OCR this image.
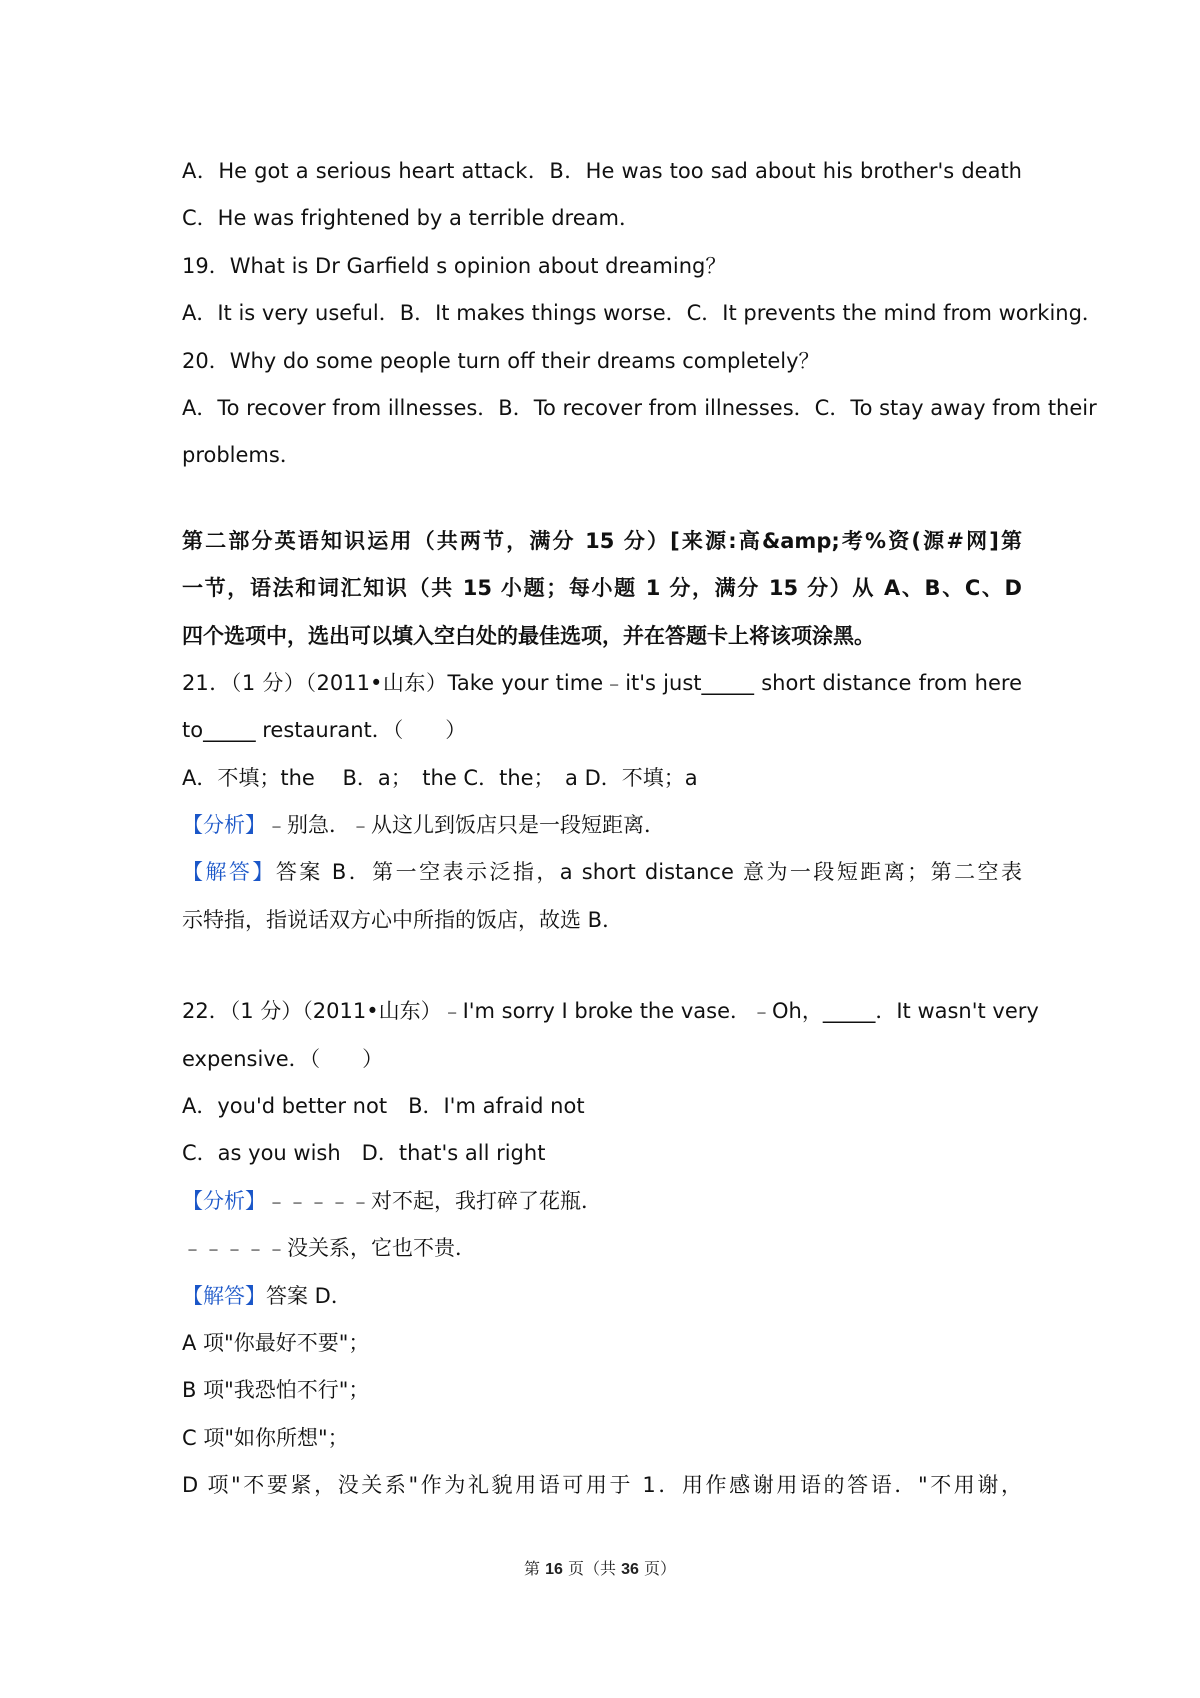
A．He got a serious heart attack．B．He was too sad about his brother's death
C．He was frightened by a terrible dream．
19．What is Dr Garfield s opinion about dreaming？
A．It is very useful．B．It makes things worse．C．It prevents the mind from working．
20．Why do some people turn off their dreams completely？
A．To recover from illnesses．B．To recover from illnesses．C．To stay away from their
problems．
第二部分英语知识运用（共两节，满分 15 分）[来源:高&amp;考%资(源#网]第
一节，语法和词汇知识（共 15 小题；每小题 1 分，满分 15 分）从 A、B、C、D
四个选项中，选出可以填入空白处的最佳选项，并在答题卡上将该项涂黑。
21．（1 分）（2011•山东）Take your time﹣it's just_____ short distance from here
to_____ restaurant．（　　）
A．不填；the　 B．a；　the C．the；　a D．不填；a
【分析】﹣别急．﹣从这儿到饭店只是一段短距离．
【解答】答案 B．第一空表示泛指，a short distance 意为一段短距离；第二空表
示特指，指说话双方心中所指的饭店，故选 B．
22．（1 分）（2011•山东）﹣I'm sorry I broke the vase．﹣Oh，_____．It wasn't very
expensive．（　　）
A．you'd better not　B．I'm afraid not
C．as you wish　D．that's all right
【分析】﹣﹣﹣﹣﹣对不起，我打碎了花瓶．
﹣﹣﹣﹣﹣没关系，它也不贵．
【解答】答案 D．
A 项"你最好不要"；
B 项"我恐怕不行"；
C 项"如你所想"；
D 项"不要紧，没关系"作为礼貌用语可用于 1．用作感谢用语的答语．"不用谢，
第 16 页（共 36 页）
